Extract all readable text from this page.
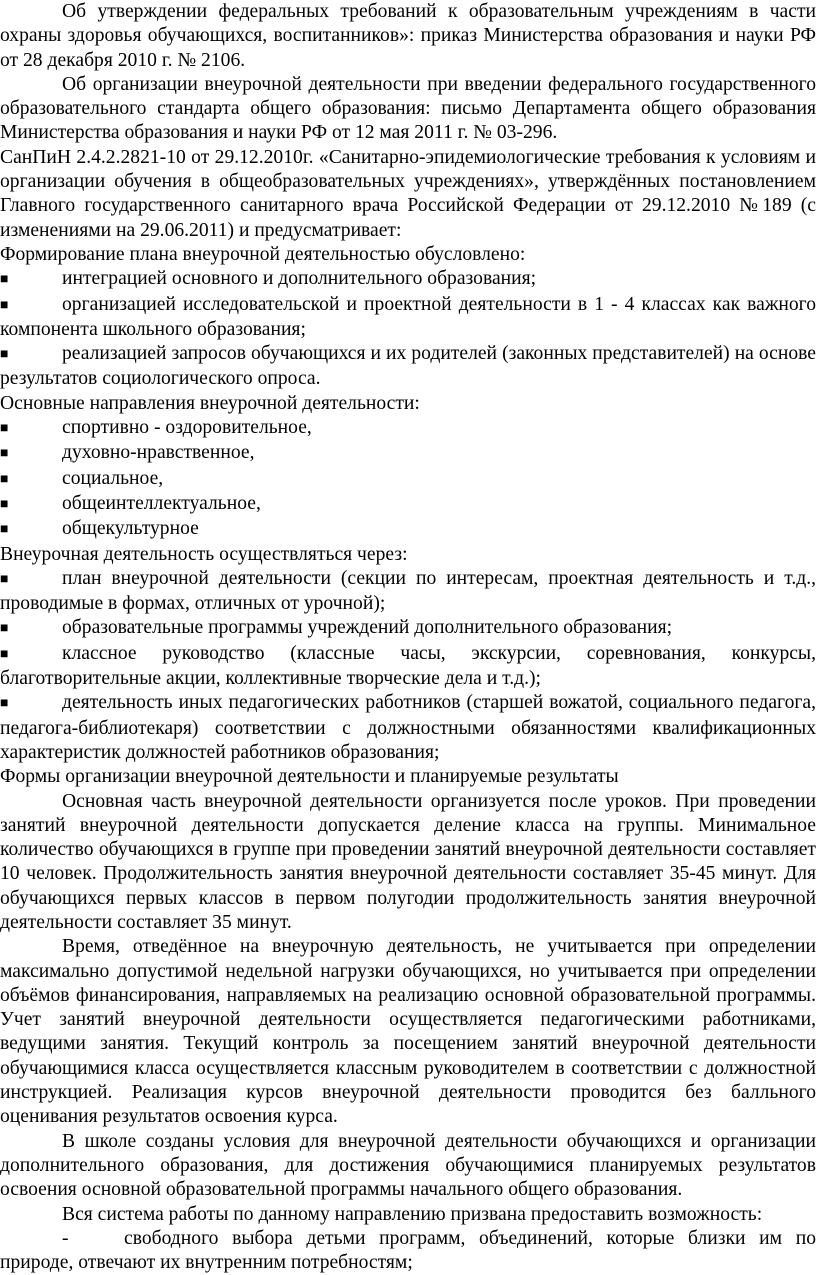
Об утверждении федеральных требований к образовательным учреждениям в части охраны здоровья обучающихся, воспитанников»: приказ Министерства образования и науки РФ от 28 декабря 2010 г. № 2106.

Об организации внеурочной деятельности при введении федерального государственного образовательного стандарта общего образования: письмо Департамента общего образования Министерства образования и науки РФ от 12 мая 2011 г. № 03-296.

СанПиН 2.4.2.2821-10 от 29.12.2010г. «Санитарно-эпидемиологические требования к условиям и организации обучения в общеобразовательных учреждениях», утверждённых постановлением Главного государственного санитарного врача Российской Федерации от 29.12.2010 №189 (с изменениями на 29.06.2011) и предусматривает:

Формирование плана внеурочной деятельностью обусловлено:

■	интеграцией основного и дополнительного образования;
■	организацией исследовательской и проектной деятельности в 1 - 4 классах как важного компонента школьного образования;
■	реализацией запросов обучающихся и их родителей (законных представителей) на основе результатов социологического опроса.

Основные направления внеурочной деятельности:

■	спортивно - оздоровительное,
■	духовно-нравственное,
■	социальное,
■	общеинтеллектуальное,
■	общекультурное

Внеурочная деятельность осуществляться через:

■	план внеурочной деятельности (секции по интересам, проектная деятельность и т.д., проводимые в формах, отличных от урочной);
■	образовательные программы учреждений дополнительного образования;
■	классное руководство (классные часы, экскурсии, соревнования, конкурсы, благотворительные акции, коллективные творческие дела и т.д.);
■	деятельность иных педагогических работников (старшей вожатой, социального педагога, педагога-библиотекаря) соответствии с должностными обязанностями квалификационных характеристик должностей работников образования;

Формы организации внеурочной деятельности и планируемые результаты

Основная часть внеурочной деятельности организуется после уроков. При проведении занятий внеурочной деятельности допускается деление класса на группы. Минимальное количество обучающихся в группе при проведении занятий внеурочной деятельности составляет 10 человек. Продолжительность занятия внеурочной деятельности составляет 35-45 минут. Для обучающихся первых классов в первом полугодии продолжительность занятия внеурочной деятельности составляет 35 минут.

Время, отведённое на внеурочную деятельность, не учитывается при определении максимально допустимой недельной нагрузки обучающихся, но учитывается при определении объёмов финансирования, направляемых на реализацию основной образовательной программы. Учет занятий внеурочной деятельности осуществляется педагогическими работниками, ведущими занятия. Текущий контроль за посещением занятий внеурочной деятельности обучающимися класса осуществляется классным руководителем в соответствии с должностной инструкцией. Реализация курсов внеурочной деятельности проводится без балльного оценивания результатов освоения курса.

В школе созданы условия для внеурочной деятельности обучающихся и организации дополнительного образования, для достижения обучающимися планируемых результатов освоения основной образовательной программы начального общего образования.

Вся система работы по данному направлению призвана предоставить возможность:

-	свободного выбора детьми программ, объединений, которые близки им по природе, отвечают их внутренним потребностям;
